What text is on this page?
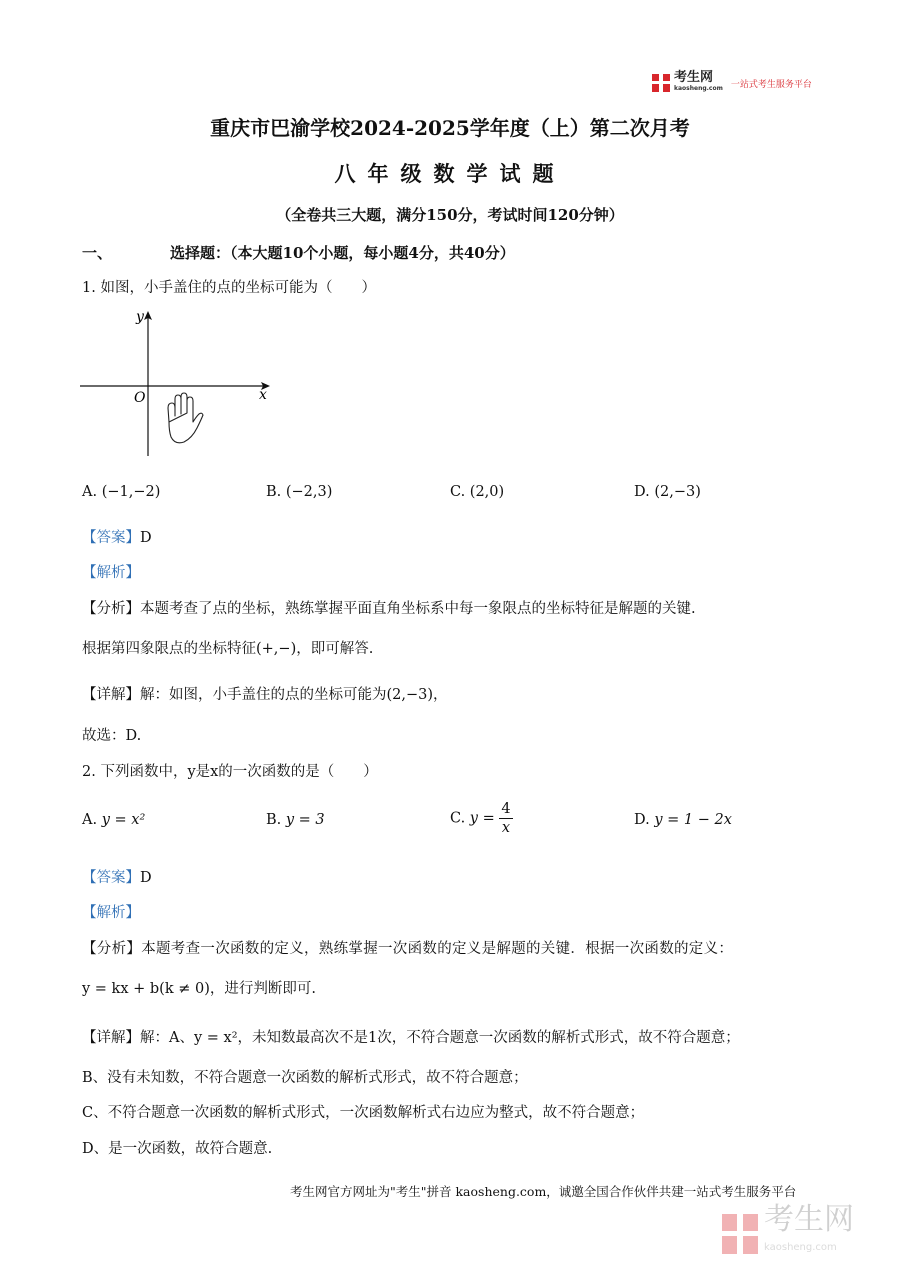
考生网
kaosheng.com 一站式考生服务平台
重庆市巴渝学校2024-2025学年度（上）第二次月考
八年级数学试题
（全卷共三大题，满分150分，考试时间120分钟）
一、	选择题：（本大题10个小题，每小题4分，共40分）
1. 如图，小手盖住的点的坐标可能为（　　）
y
x
O
A. (−1,−2)	B. (−2,3)	C. (2,0)	D. (2,−3)
【答案】D
【解析】
【分析】本题考查了点的坐标，熟练掌握平面直角坐标系中每一象限点的坐标特征是解题的关键.
根据第四象限点的坐标特征(+,−)，即可解答.
【详解】解：如图，小手盖住的点的坐标可能为(2,−3)，
故选：D.
2. 下列函数中，y是x的一次函数的是（　　）
A. y = x²	B. y = 3	C. $y = \frac{4}{x}$	D. y = 1 − 2x
【答案】D
【解析】
【分析】本题考查一次函数的定义，熟练掌握一次函数的定义是解题的关键．根据一次函数的定义：
y = kx + b(k ≠ 0)，进行判断即可.
【详解】解：A、y = x²，未知数最高次不是1次，不符合题意一次函数的解析式形式，故不符合题意；
B、没有未知数，不符合题意一次函数的解析式形式，故不符合题意；
C、不符合题意一次函数的解析式形式，一次函数解析式右边应为整式，故不符合题意；
D、是一次函数，故符合题意.
考生网官方网址为"考生"拼音 kaosheng.com，诚邀全国合作伙伴共建一站式考生服务平台
考生网
kaosheng.com
